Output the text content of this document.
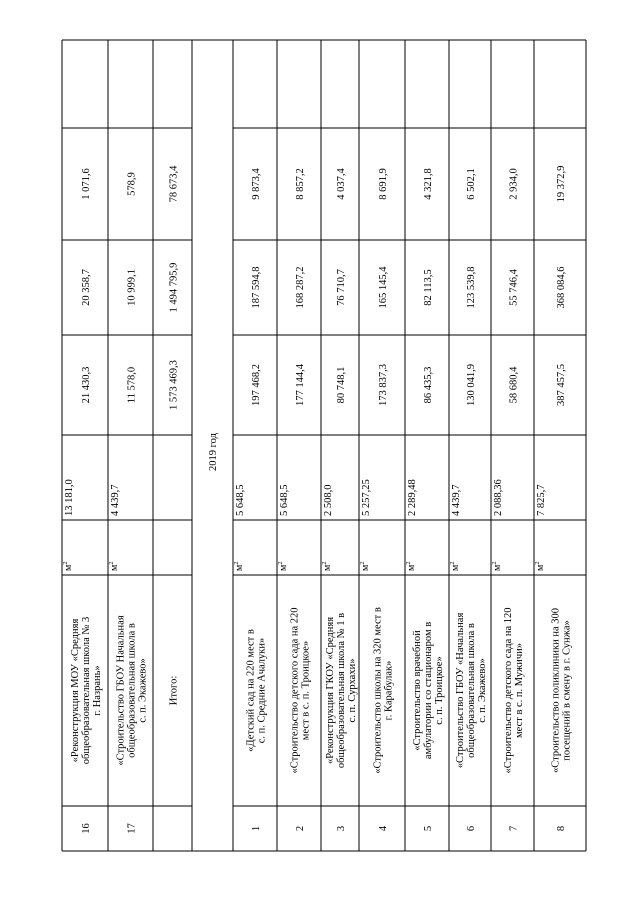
2019 год
16
«Реконструкция МОУ «Средняя общеобразовательная школа № 3 г. Назрань»
$м^2$
13 181,0
21 430,3
20 358,7
1 071,6
17
«Строительство ГБОУ Начальная общеобразовательная школа в с. п. Экажево»
$м^2$
4 439,7
11 578,0
10 999,1
578,9
Итого:
1 573 469,3
1 494 795,9
78 673,4
1
«Детский сад на 220 мест в с. п. Средние Ачалуки»
$м^2$
5 648,5
197 468,2
187 594,8
9 873,4
2
«Строительство детского сада на 220 мест в с. п. Троицкое»
$м^2$
5 648,5
177 144,4
168 287,2
8 857,2
3
«Реконструкция ГКОУ «Средняя общеобразовательная школа № 1 в с. п. Сурхахи»
$м^2$
2 508,0
80 748,1
76 710,7
4 037,4
4
«Строительство школы на 320 мест в г. Карабулак»
$м^2$
5 257,25
173 837,3
165 145,4
8 691,9
5
«Строительство врачебной амбулатории со стационаром в с. п. Троицкое»
$м^2$
2 289,48
86 435,3
82 113,5
4 321,8
6
«Строительство ГБОУ «Начальная общеобразовательная школа в с. п. Экажево»
$м^2$
4 439,7
130 041,9
123 539,8
6 502,1
7
«Строительство детского сада на 120 мест в с. п. Мужичи»
$м^2$
2 088,36
58 680,4
55 746,4
2 934,0
8
«Строительство поликлиники на 300 посещений в смену в г. Сунжа»
$м^2$
7 825,7
387 457,5
368 084,6
19 372,9
